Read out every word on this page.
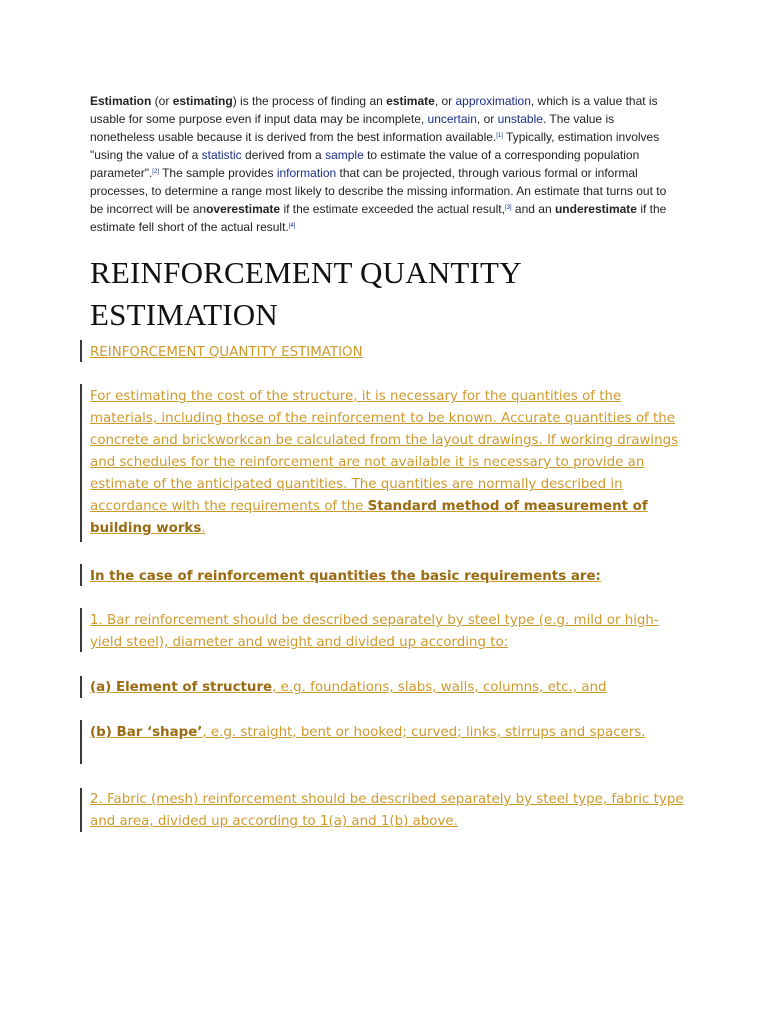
Estimation (or estimating) is the process of finding an estimate, or approximation, which is a value that is usable for some purpose even if input data may be incomplete, uncertain, or unstable. The value is nonetheless usable because it is derived from the best information available.[1] Typically, estimation involves "using the value of a statistic derived from a sample to estimate the value of a corresponding population parameter".[2] The sample provides information that can be projected, through various formal or informal processes, to determine a range most likely to describe the missing information. An estimate that turns out to be incorrect will be anoverestimate if the estimate exceeded the actual result,[3] and an underestimate if the estimate fell short of the actual result.[4]

REINFORCEMENT QUANTITY ESTIMATION
REINFORCEMENT QUANTITY ESTIMATION
For estimating the cost of the structure, it is necessary for the quantities of the materials, including those of the reinforcement to be known. Accurate quantities of the concrete and brickworkcan be calculated from the layout drawings. If working drawings and schedules for the reinforcement are not available it is necessary to provide an estimate of the anticipated quantities. The quantities are normally described in accordance with the requirements of the Standard method of measurement of building works.
In the case of reinforcement quantities the basic requirements are:
1. Bar reinforcement should be described separately by steel type (e.g. mild or high-yield steel), diameter and weight and divided up according to:
(a) Element of structure, e.g. foundations, slabs, walls, columns, etc., and
(b) Bar ‘shape’, e.g. straight, bent or hooked; curved; links, stirrups and spacers.
2. Fabric (mesh) reinforcement should be described separately by steel type, fabric type and area, divided up according to 1(a) and 1(b) above.
